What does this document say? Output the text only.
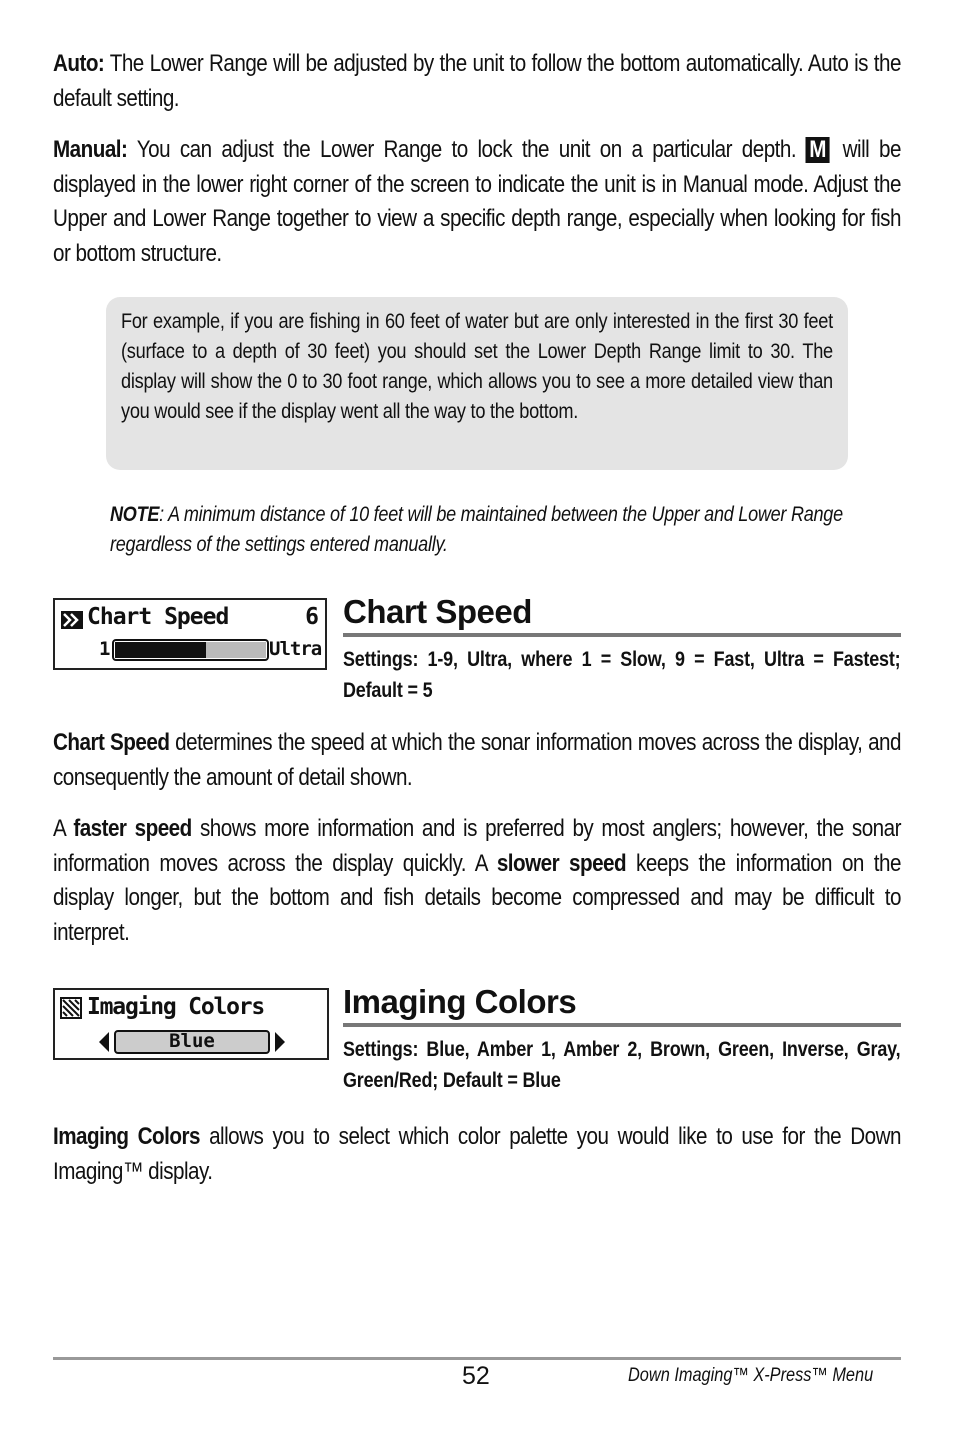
Auto: The Lower Range will be adjusted by the unit to follow the bottom automatically. Auto is the default setting.
Manual: You can adjust the Lower Range to lock the unit on a particular depth. M will be displayed in the lower right corner of the screen to indicate the unit is in Manual mode. Adjust the Upper and Lower Range together to view a specific depth range, especially when looking for fish or bottom structure.
For example, if you are fishing in 60 feet of water but are only interested in the first 30 feet (surface to a depth of 30 feet) you should set the Lower Depth Range limit to 30. The display will show the 0 to 30 foot range, which allows you to see a more detailed view than you would see if the display went all the way to the bottom.
NOTE: A minimum distance of 10 feet will be maintained between the Upper and Lower Range regardless of the settings entered manually.
Chart Speed	6
1	Ultra
Chart Speed
Settings: 1-9, Ultra, where 1 = Slow, 9 = Fast, Ultra = Fastest; Default = 5
Chart Speed determines the speed at which the sonar information moves across the display, and consequently the amount of detail shown.
A faster speed shows more information and is preferred by most anglers; however, the sonar information moves across the display quickly. A slower speed keeps the information on the display longer, but the bottom and fish details become compressed and may be difficult to interpret.
Imaging Colors
Blue
Imaging Colors
Settings: Blue, Amber 1, Amber 2, Brown, Green, Inverse, Gray, Green/Red; Default = Blue
Imaging Colors allows you to select which color palette you would like to use for the Down Imaging™ display.
52	Down Imaging™ X-Press™ Menu
